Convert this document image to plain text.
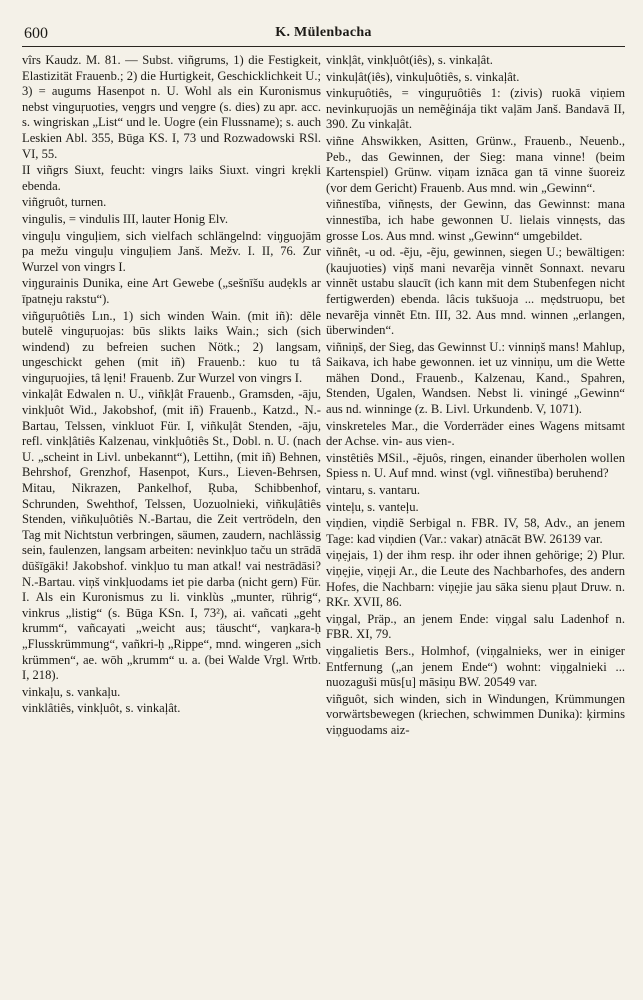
600	K. Mülenbacha

vîrs Kaudz. M. 81. — Subst. viñgrums, 1) die Festigkeit, Elastizität Frauenb.; 2) die Hurtigkeit, Geschicklichkeit U.; 3) = augums Hasenpot n. U. Wohl als ein Kuronismus nebst vinguŗuoties, veŋgrs und veŋgre (s. dies) zu apr. acc. s. wingriskan „List“ und le. Uogre (ein Flussname); s. auch Leskien Abl. 355, Būga KS. I, 73 und Rozwadowski RSl. VI, 55.

II viñgrs Siuxt, feucht: vingrs laiks Siuxt. vingri krẹkli ebenda.

viñgruôt, turnen.

vingulis, = vindulis III, lauter Honig Elv.

vinguļu vinguļiem, sich vielfach schlängelnd: viŋguojām pa mežu vinguļu vinguļiem Janš. Mežv. I. II, 76. Zur Wurzel von vingrs I.

viŋgurainis Dunika, eine Art Gewebe („sešnīšu audẹkls ar īpatnẹju rakstu“).

viñguŗuôtiês Lın., 1) sich winden Wain. (mit iñ): dẽle butelẽ vinguŗuojas: būs slikts laiks Wain.; sich (sich windend) zu befreien suchen Nötk.; 2) langsam, ungeschickt gehen (mit iñ) Frauenb.: kuo tu tâ vinguŗuojies, tâ lẹni! Frauenb. Zur Wurzel von vingrs I.

vinkaļât Edwalen n. U., viñkļât Frauenb., Gramsden, -āju, vinkļuôt Wid., Jakobshof, (mit iñ) Frauenb., Katzd., N.-Bartau, Telssen, vinkluot Für. I, viñkuļât Stenden, -āju, refl. vinkļâtiês Kalzenau, vinkļuôtiês St., Dobl. n. U. (nach U. „scheint in Livl. unbekannt“), Lettihn, (mit iñ) Behnen, Behrshof, Grenzhof, Hasenpot, Kurs., Lieven-Behrsen, Mitau, Nikrazen, Pankelhof, Ŗuba, Schibbenhof, Schrunden, Swehthof, Telssen, Uozuolnieki, viñkuļâtiês Stenden, viñkuļuôtiês N.-Bartau, die Zeit vertrödeln, den Tag mit Nichtstun verbringen, säumen, zaudern, nachlässig sein, faulenzen, langsam arbeiten: nevinkļuo taču un strādā dūšīgāki! Jakobshof. vinkļuo tu man atkal! vai nestrādāsi? N.-Bartau. viņš vinkļuodams iet pie darba (nicht gern) Für. I. Als ein Kuronismus zu li. vinklùs „munter, rührig“, vinkrus „listig“ (s. Būga KSn. I, 73²), ai. vañcati „geht krumm“, vañcayati „weicht aus; täuscht“, vaŋkara-ḥ „Flusskrümmung“, vañkri-ḥ „Rippe“, mnd. wingeren „sich krümmen“, ae. wōh „krumm“ u. a. (bei Walde Vrgl. Wrtb. I, 218).

vinkaļu, s. vankaļu.

vinklâtiês, vinkļuôt, s. vinkaļât.

vinkļât, vinkļuôt(iês), s. vinkaļât.

vinkuļât(iês), vinkuļuôtiês, s. vinkaļât.

vinkuŗuôtiês, = vinguŗuôtiês 1: (zivis) ruokā viņiem nevinkuŗuojās un nemẽģinája tikt vaļām Janš. Bandavā II, 390. Zu vinkaļât.

viñne Ahswikken, Asitten, Grünw., Frauenb., Neuenb., Peb., das Gewinnen, der Sieg: mana vinne! (beim Kartenspiel) Grünw. viņam iznāca gan tā vinne šuoreiz (vor dem Gericht) Frauenb. Aus mnd. win „Gewinn“.

viñnestība, viñnẹsts, der Gewinn, das Gewinnst: mana vinnestība, ich habe gewonnen U. lielais vinnẹsts, das grosse Los. Aus mnd. winst „Gewinn“ umgebildet.

viñnêt, -u od. -ẽju, -ẽju, gewinnen, siegen U.; bewältigen: (kaujuoties) viņš mani nevarẽja vinnẽt Sonnaxt. nevaru vinnẽt ustabu slaucīt (ich kann mit dem Stubenfegen nicht fertigwerden) ebenda. lâcis tukšuoja ... mẹdstruopu, bet nevarẽja vinnẽt Etn. III, 32. Aus mnd. winnen „erlangen, überwinden“.

viñniņš, der Sieg, das Gewinnst U.: vinniņš mans! Mahlup, Saikava, ich habe gewonnen. iet uz vinniņu, um die Wette mähen Dond., Frauenb., Kalzenau, Kand., Spahren, Stenden, Ugalen, Wandsen. Nebst li. viningé „Gewinn“ aus nd. winninge (z. B. Livl. Urkundenb. V, 1071).

vinskreteles Mar., die Vorderräder eines Wagens mitsamt der Achse. vin- aus vien-.

vinstêtiês MSil., -ẽjuôs, ringen, einander überholen wollen Spiess n. U. Auf mnd. winst (vgl. viñnestība) beruhend?

vintaru, s. vantaru.

vinteļu, s. vanteļu.

viņdien, viņdiẽ Serbigal n. FBR. IV, 58, Adv., an jenem Tage: kad viņdien (Var.: vakar) atnācāt BW. 26139 var.

viņẹjais, 1) der ihm resp. ihr oder ihnen gehörige; 2) Plur. viņẹjie, viņẹji Ar., die Leute des Nachbarhofes, des andern Hofes, die Nachbarn: viņẹjie jau sāka sienu pļaut Druw. n. RKr. XVII, 86.

viņgal, Präp., an jenem Ende: viņgal salu Ladenhof n. FBR. XI, 79.

viņgalietis Bers., Holmhof, (viņgalnieks, wer in einiger Entfernung („an jenem Ende“) wohnt: viņgalnieki ... nuozaguši mūs[u] māsiņu BW. 20549 var.

viñguôt, sich winden, sich in Windungen, Krümmungen vorwärtsbewegen (kriechen, schwimmen Dunika): ķirmins viņguodams aiz-
